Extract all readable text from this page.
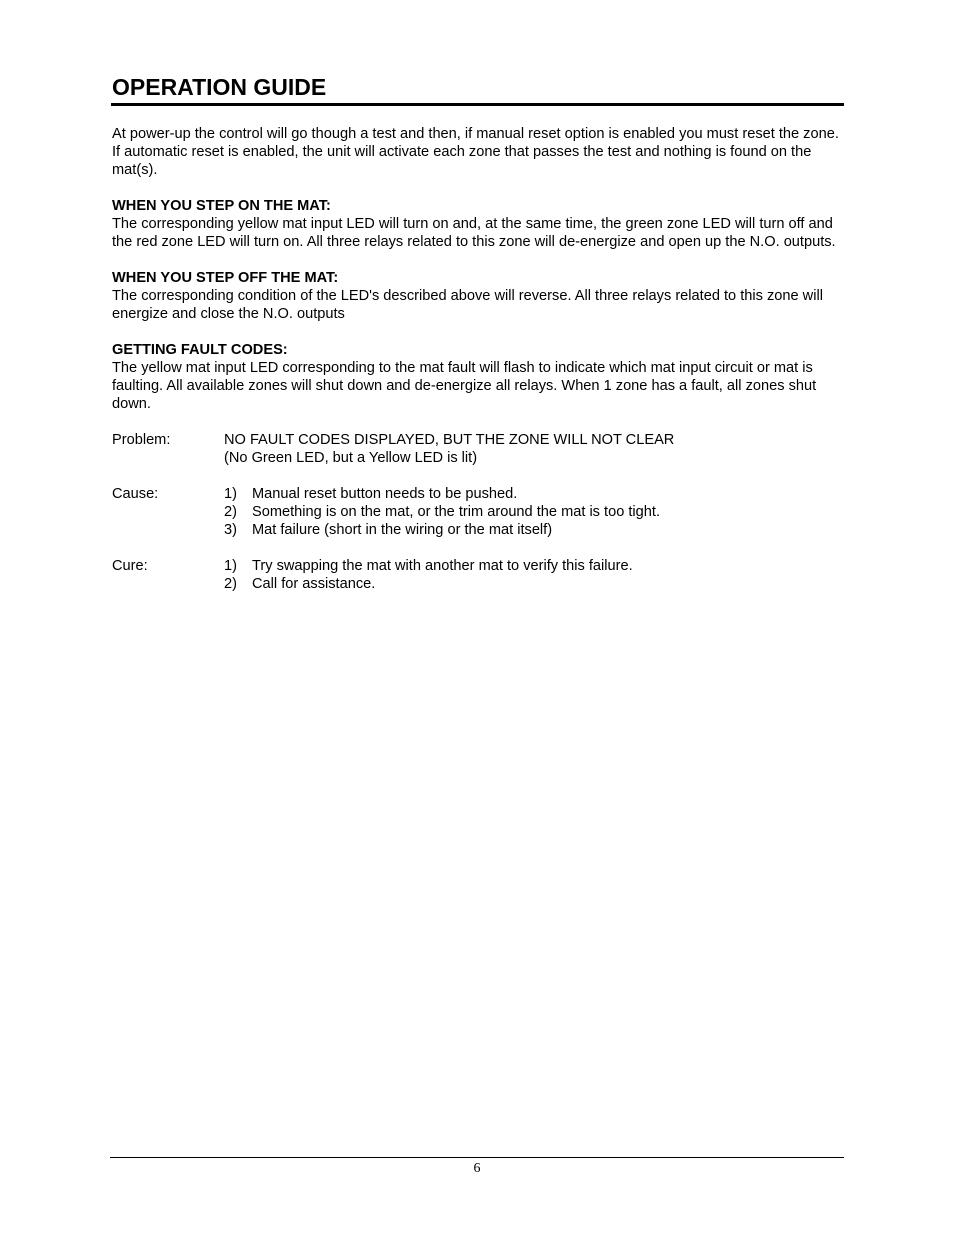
OPERATION GUIDE

At power-up the control will go though a test and then, if manual reset option is enabled you must reset the zone. If automatic reset is enabled, the unit will activate each zone that passes the test and nothing is found on the mat(s).

WHEN YOU STEP ON THE MAT:
The corresponding yellow mat input LED will turn on and, at the same time, the green zone LED will turn off and the red zone LED will turn on. All three relays related to this zone will de-energize and open up the N.O. outputs.
WHEN YOU STEP OFF THE MAT:
The corresponding condition of the LED's described above will reverse. All three relays related to this zone will energize and close the N.O. outputs
GETTING FAULT CODES:
The yellow mat input LED corresponding to the mat fault will flash to indicate which mat input circuit or mat is faulting. All available zones will shut down and de-energize all relays. When 1 zone has a fault, all zones shut down.
Problem:	NO FAULT CODES DISPLAYED, BUT THE ZONE WILL NOT CLEAR
(No Green LED, but a Yellow LED is lit)
Cause:	1)	Manual reset button needs to be pushed.
2)	Something is on the mat, or the trim around the mat is too tight.
3)	Mat failure (short in the wiring or the mat itself)
Cure:	1)	Try swapping the mat with another mat to verify this failure.
2)	Call for assistance.
6
